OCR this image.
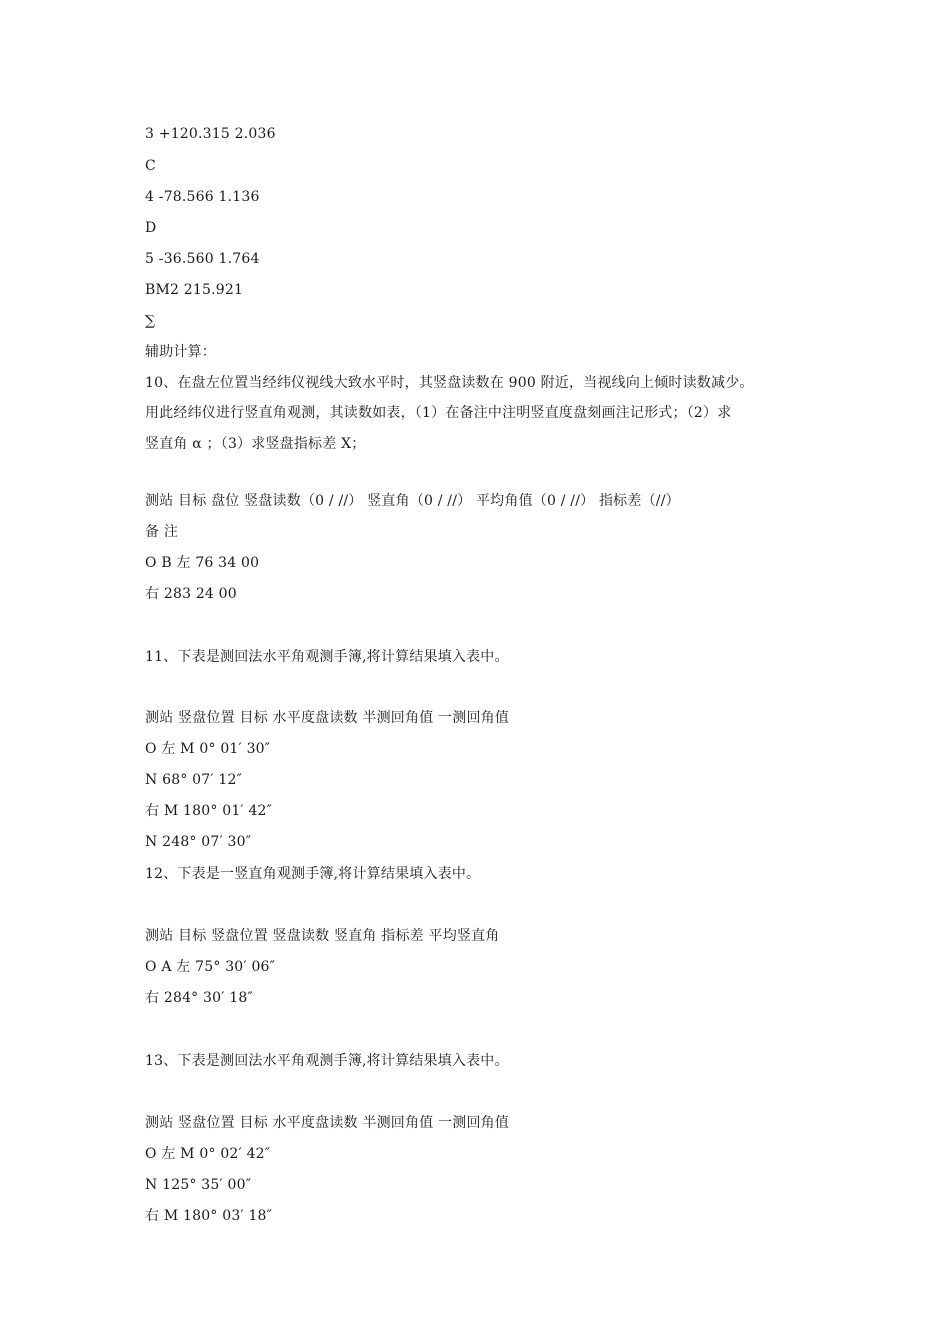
3 +120.315 2.036
C
4 -78.566 1.136
D
5 -36.560 1.764
BM2 215.921
∑
辅助计算：
10、在盘左位置当经纬仪视线大致水平时，其竖盘读数在 900 附近，当视线向上倾时读数减少。
用此经纬仪进行竖直角观测，其读数如表，（1）在备注中注明竖直度盘刻画注记形式；（2）求
竖直角 α ；（3）求竖盘指标差 X；
测站 目标 盘位 竖盘读数（0 / //） 竖直角（0 / //） 平均角值（0 / //） 指标差（//）
备 注
O B 左 76 34 00
右 283 24 00
11、下表是测回法水平角观测手簿,将计算结果填入表中。
测站 竖盘位置 目标 水平度盘读数 半测回角值 一测回角值
O 左 M 0° 01′ 30″
N 68° 07′ 12″
右 M 180° 01′ 42″
N 248° 07′ 30″
12、下表是一竖直角观测手簿,将计算结果填入表中。
测站 目标 竖盘位置 竖盘读数 竖直角 指标差 平均竖直角
O A 左 75° 30′ 06″
右 284° 30′ 18″
13、下表是测回法水平角观测手簿,将计算结果填入表中。
测站 竖盘位置 目标 水平度盘读数 半测回角值 一测回角值
O 左 M 0° 02′ 42″
N 125° 35′ 00″
右 M 180° 03′ 18″
